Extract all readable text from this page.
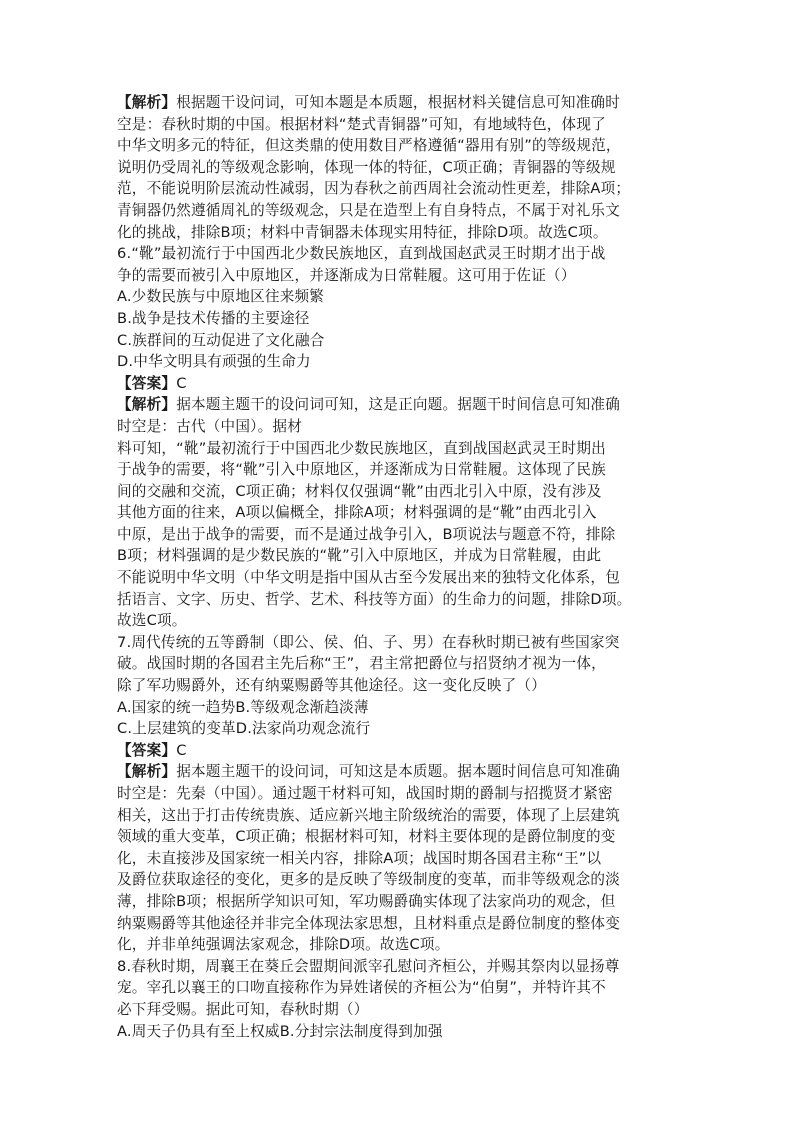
【解析】根据题干设问词，可知本题是本质题，根据材料关键信息可知准确时
空是：春秋时期的中国。根据材料“楚式青铜器”可知，有地域特色，体现了
中华文明多元的特征，但这类鼎的使用数目严格遵循“器用有别”的等级规范，
说明仍受周礼的等级观念影响，体现一体的特征，C项正确；青铜器的等级规
范，不能说明阶层流动性减弱，因为春秋之前西周社会流动性更差，排除A项；
青铜器仍然遵循周礼的等级观念，只是在造型上有自身特点，不属于对礼乐文
化的挑战，排除B项；材料中青铜器未体现实用特征，排除D项。故选C项。
6.“靴”最初流行于中国西北少数民族地区，直到战国赵武灵王时期才出于战
争的需要而被引入中原地区，并逐渐成为日常鞋履。这可用于佐证（）
A.少数民族与中原地区往来频繁
B.战争是技术传播的主要途径
C.族群间的互动促进了文化融合
D.中华文明具有顽强的生命力
【答案】C
【解析】据本题主题干的设问词可知，这是正向题。据题干时间信息可知准确
时空是：古代（中国）。据材
料可知，“靴”最初流行于中国西北少数民族地区，直到战国赵武灵王时期出
于战争的需要，将“靴”引入中原地区，并逐渐成为日常鞋履。这体现了民族
间的交融和交流，C项正确；材料仅仅强调“靴”由西北引入中原，没有涉及
其他方面的往来，A项以偏概全，排除A项；材料强调的是“靴”由西北引入
中原，是出于战争的需要，而不是通过战争引入，B项说法与题意不符，排除
B项；材料强调的是少数民族的“靴”引入中原地区，并成为日常鞋履，由此
不能说明中华文明（中华文明是指中国从古至今发展出来的独特文化体系，包
括语言、文字、历史、哲学、艺术、科技等方面）的生命力的问题，排除D项。
故选C项。
7.周代传统的五等爵制（即公、侯、伯、子、男）在春秋时期已被有些国家突
破。战国时期的各国君主先后称“王”，君主常把爵位与招贤纳才视为一体，
除了军功赐爵外，还有纳粟赐爵等其他途径。这一变化反映了（）
A.国家的统一趋势B.等级观念渐趋淡薄
C.上层建筑的变革D.法家尚功观念流行
【答案】C
【解析】据本题主题干的设问词，可知这是本质题。据本题时间信息可知准确
时空是：先秦（中国）。通过题干材料可知，战国时期的爵制与招揽贤才紧密
相关，这出于打击传统贵族、适应新兴地主阶级统治的需要，体现了上层建筑
领域的重大变革，C项正确；根据材料可知，材料主要体现的是爵位制度的变
化，未直接涉及国家统一相关内容，排除A项；战国时期各国君主称“王”以
及爵位获取途径的变化，更多的是反映了等级制度的变革，而非等级观念的淡
薄，排除B项；根据所学知识可知，军功赐爵确实体现了法家尚功的观念，但
纳粟赐爵等其他途径并非完全体现法家思想，且材料重点是爵位制度的整体变
化，并非单纯强调法家观念，排除D项。故选C项。
8.春秋时期，周襄王在葵丘会盟期间派宰孔慰问齐桓公，并赐其祭肉以显扬尊
宠。宰孔以襄王的口吻直接称作为异姓诸侯的齐桓公为“伯舅”，并特许其不
必下拜受赐。据此可知，春秋时期（）
A.周天子仍具有至上权威B.分封宗法制度得到加强
